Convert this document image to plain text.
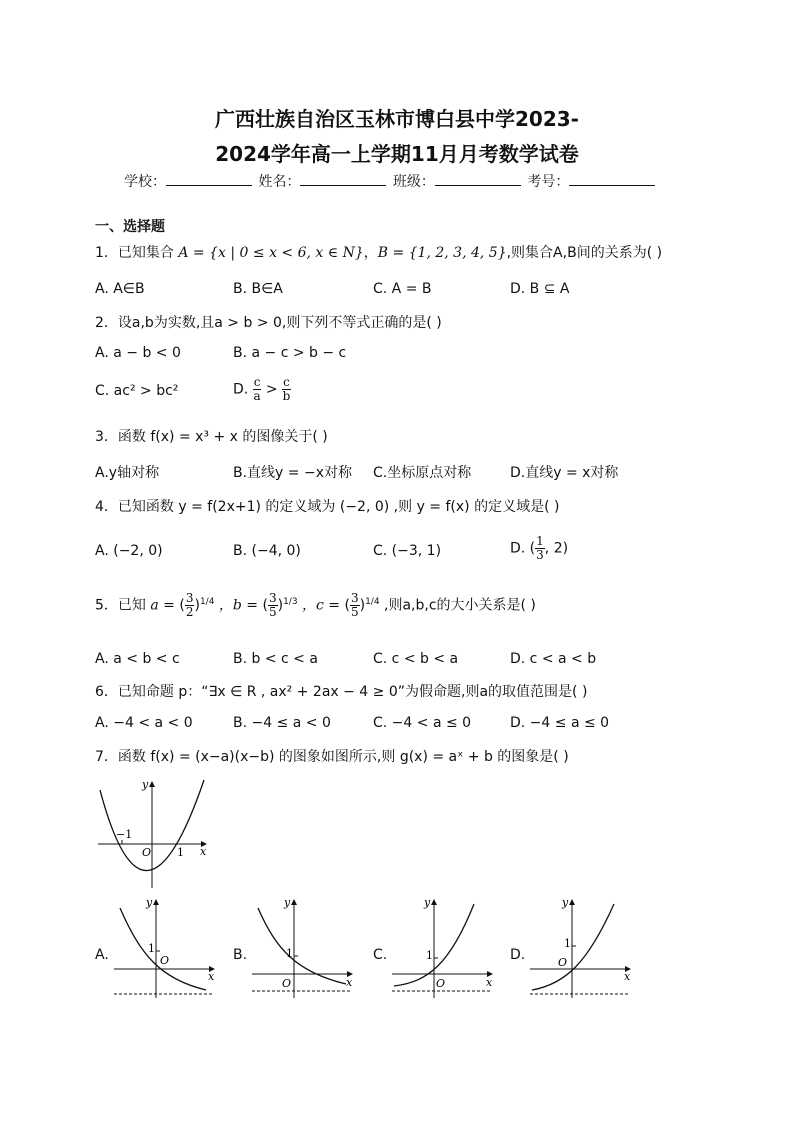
广西壮族自治区玉林市博白县中学2023-
2024学年高一上学期11月月考数学试卷
学校：	姓名：	班级：	考号：
一、选择题
1．已知集合 A = {x | 0 ≤ x < 6, x ∈ N}，B = {1, 2, 3, 4, 5},则集合A,B间的关系为( )
A. A∈B	B. B∈A	C. A = B	D. B ⊆ A
2．设a,b为实数,且a > b > 0,则下列不等式正确的是( )
A. a − b < 0	B. a − c > b − c
C. ac² > bc²	D. $\frac{c}{a} > \frac{c}{b}$
3．函数 f(x) = x³ + x 的图像关于( )
A.y轴对称	B.直线y = −x对称 C.坐标原点对称	D.直线y = x对称
4．已知函数 y = f(2x+1) 的定义域为 (−2, 0) ,则 y = f(x) 的定义域是( )
A. (−2, 0)	B. (−4, 0)	C. (−3, 1)	D. ( $\frac{1}{3}$ , 2)
5．已知 a = ( $\frac{3}{2} )^{1/4}$ ，b = ( $\frac{3}{5} )^{1/3}$ ，c = ( $\frac{3}{5} )^{1/4}$ ,则a,b,c的大小关系是( )
A. a < b < c	B. b < c < a	C. c < b < a	D. c < a < b
6．已知命题 p：“∃x ∈ R , ax² + 2ax − 4 ≥ 0”为假命题,则a的取值范围是( )
A. −4 < a < 0	B. −4 ≤ a < 0	C. −4 < a ≤ 0	D. −4 ≤ a ≤ 0
7．函数 f(x) = (x−a)(x−b) 的图象如图所示,则 g(x) = aˣ + b 的图象是( )
y
x
O
−1
1
A.
y
x
O
1	B.
y
x
O
1	C.
y
x
O
1	D.
y
x
O
1
